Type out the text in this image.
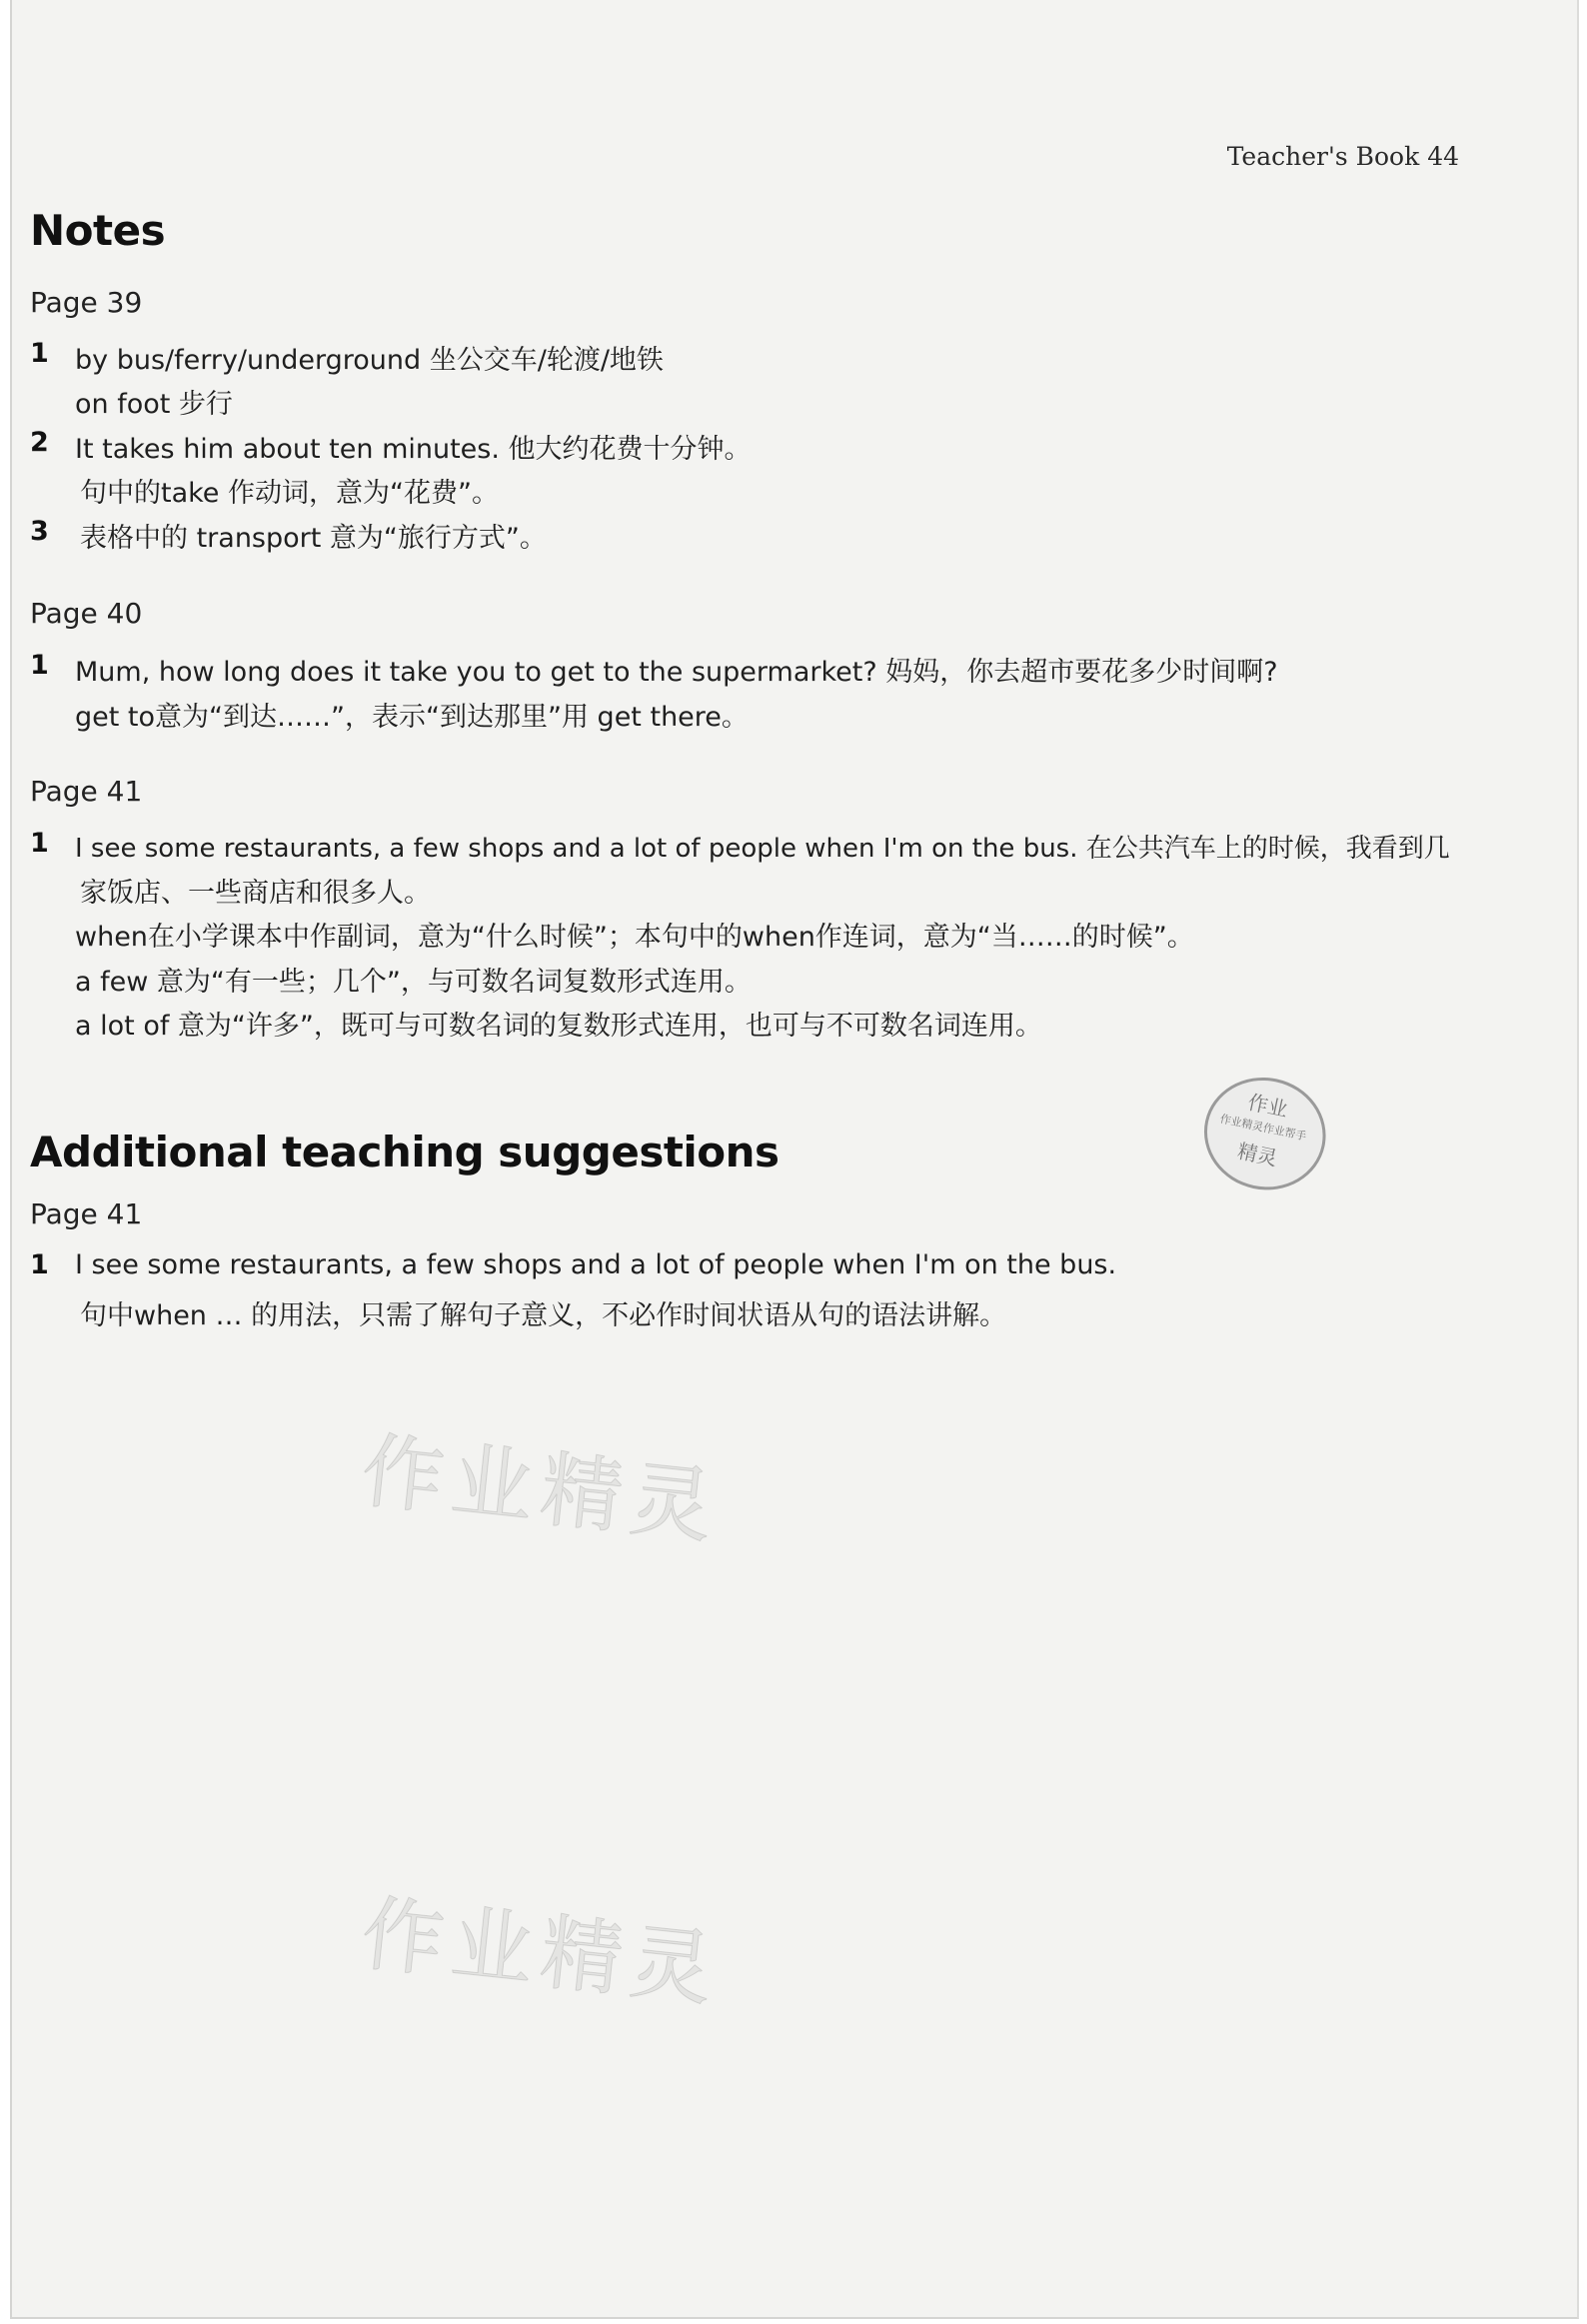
Teacher's Book 44
Notes
Page 39
1 by bus/ferry/underground 坐公交车/轮渡/地铁
on foot 步行
2 It takes him about ten minutes. 他大约花费十分钟。
句中的take 作动词，意为“花费”。
3 表格中的 transport 意为“旅行方式”。
Page 40
1 Mum, how long does it take you to get to the supermarket? 妈妈，你去超市要花多少时间啊?
get to意为“到达……”，表示“到达那里”用 get there。
Page 41
1 I see some restaurants, a few shops and a lot of people when I'm on the bus. 在公共汽车上的时候，我看到几
家饭店、一些商店和很多人。
when在小学课本中作副词，意为“什么时候”；本句中的when作连词，意为“当……的时候”。
a few 意为“有一些；几个”，与可数名词复数形式连用。
a lot of 意为“许多”，既可与可数名词的复数形式连用，也可与不可数名词连用。
Additional teaching suggestions
Page 41
1 I see some restaurants, a few shops and a lot of people when I'm on the bus.
句中when … 的用法，只需了解句子意义，不必作时间状语从句的语法讲解。
作业
作业精灵作业帮手
精灵
作业精灵
作业精灵
